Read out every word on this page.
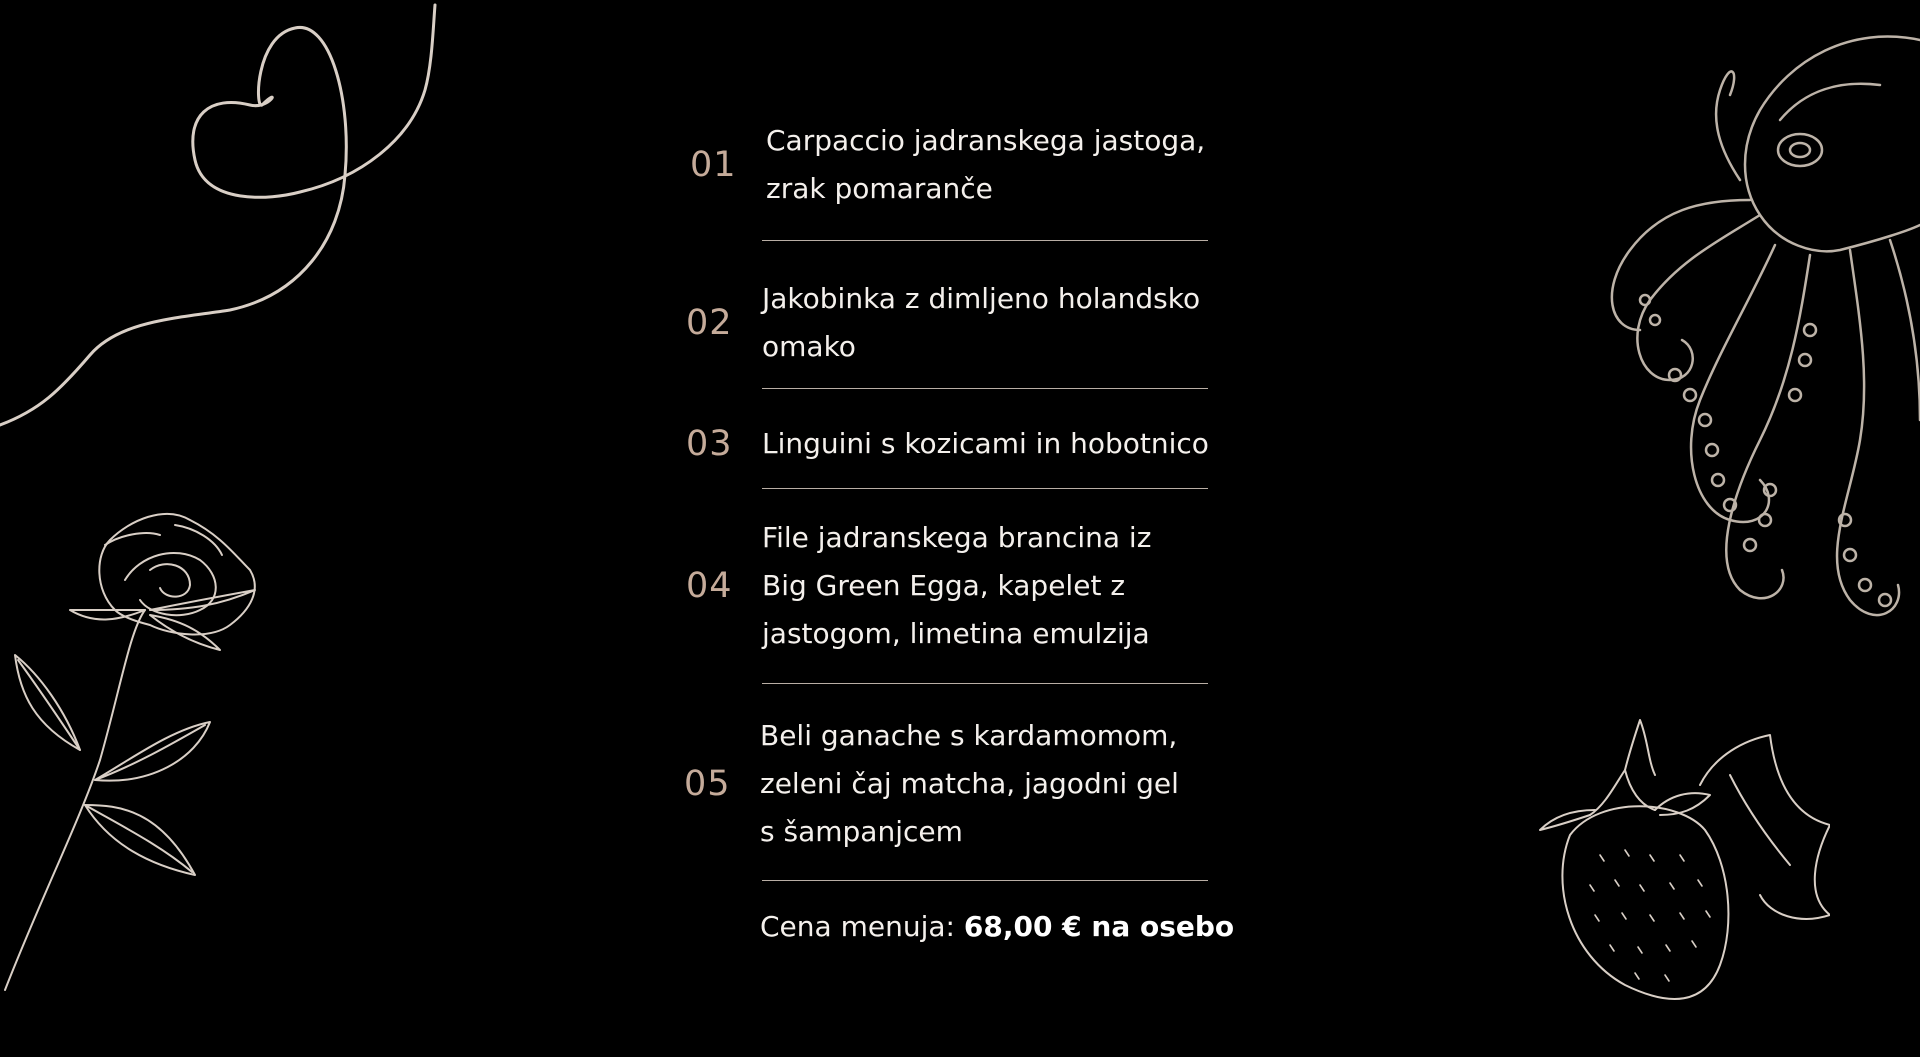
01
Carpaccio jadranskega jastoga, zrak pomaranče
02
Jakobinka z dimljeno holandsko omako
03	Linguini s kozicami in hobotnico
04
File jadranskega brancina iz Big Green Egga, kapelet z jastogom, limetina emulzija
05
Beli ganache s kardamomom, zeleni čaj matcha, jagodni gel s šampanjcem
Cena menuja: 68,00 € na osebo
